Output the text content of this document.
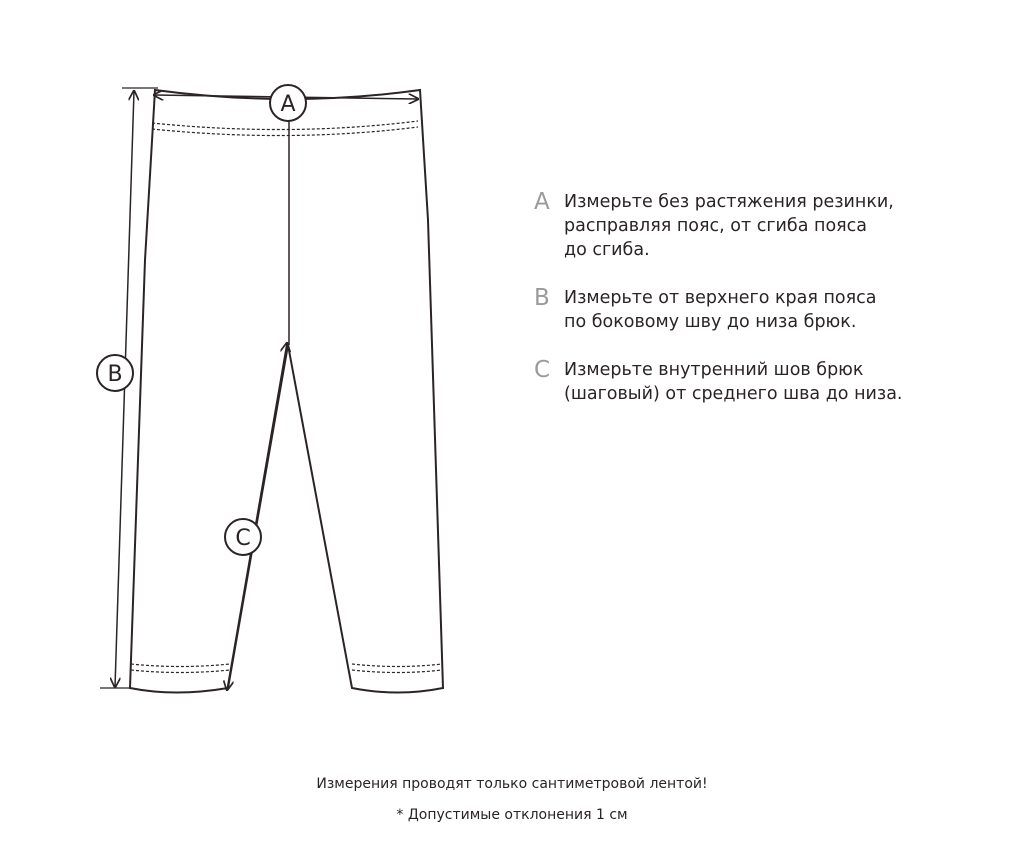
A
B
C
A Измерьте без растяжения резинки,
расправляя пояс, от сгиба пояса
до сгиба.
B Измерьте от верхнего края пояса
по боковому шву до низа брюк.
C Измерьте внутренний шов брюк
(шаговый) от среднего шва до низа.
Измерения проводят только сантиметровой лентой!
* Допустимые отклонения 1 см
